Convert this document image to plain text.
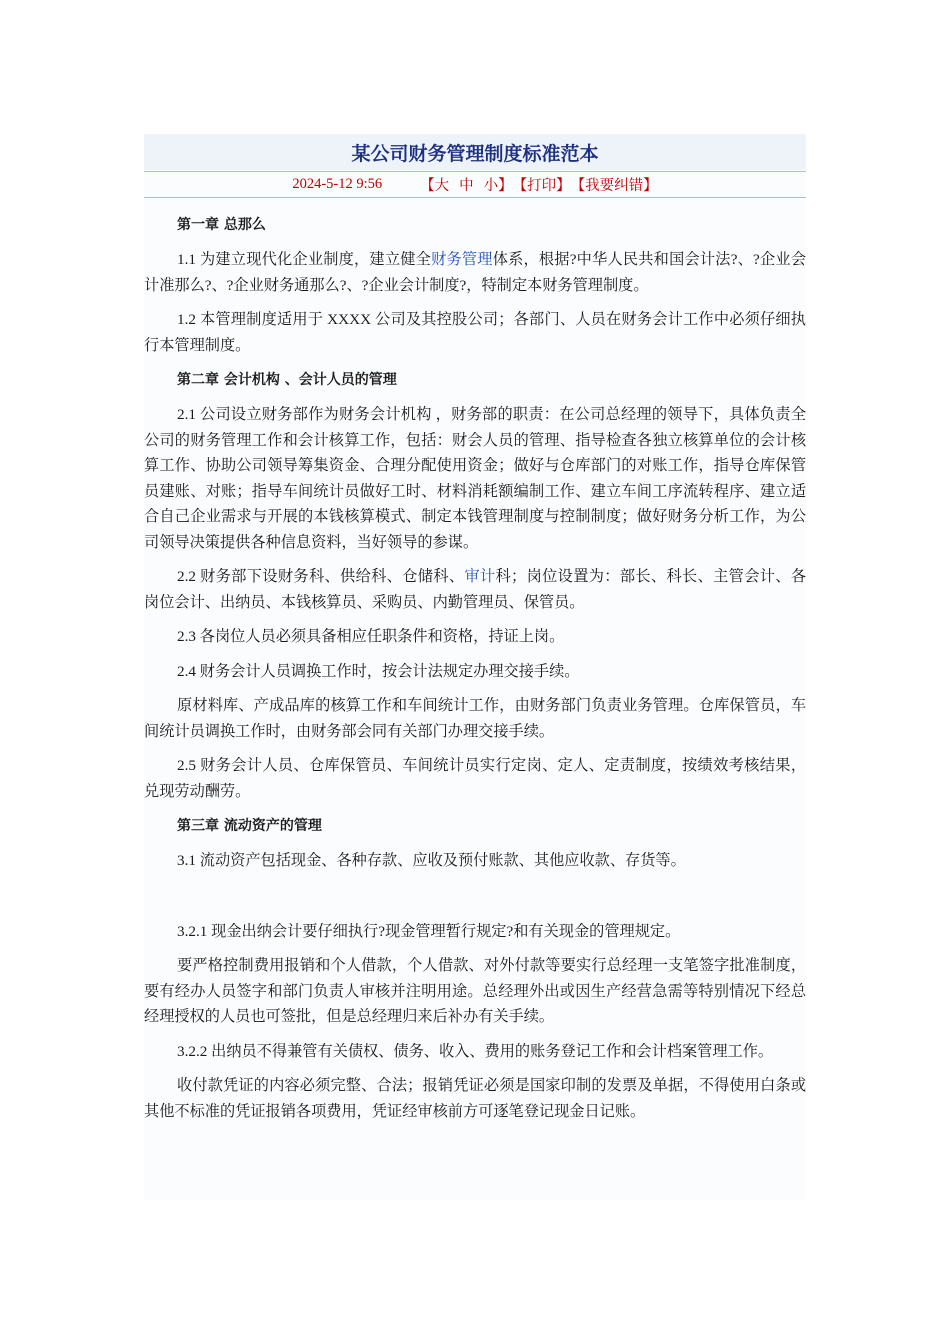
某公司财务管理制度标准范本
2024-5-12 9:56	【大 中 小】 【打印】 【我要纠错】
第一章 总那么

1.1 为建立现代化企业制度，建立健全财务管理体系，根据?中华人民共和国会计法?、?企业会计准那么?、?企业财务通那么?、?企业会计制度?，特制定本财务管理制度。

1.2 本管理制度适用于 XXXX 公司及其控股公司；各部门、人员在财务会计工作中必须仔细执行本管理制度。

第二章 会计机构 、会计人员的管理

2.1 公司设立财务部作为财务会计机构 ，财务部的职责：在公司总经理的领导下，具体负责全公司的财务管理工作和会计核算工作，包括：财会人员的管理、指导检查各独立核算单位的会计核算工作、协助公司领导筹集资金、合理分配使用资金；做好与仓库部门的对账工作，指导仓库保管员建账、对账；指导车间统计员做好工时、材料消耗额编制工作、建立车间工序流转程序、建立适合自己企业需求与开展的本钱核算模式、制定本钱管理制度与控制制度；做好财务分析工作，为公司领导决策提供各种信息资料，当好领导的参谋。

2.2 财务部下设财务科、供给科、仓储科、审计科；岗位设置为：部长、科长、主管会计、各岗位会计、出纳员、本钱核算员、采购员、内勤管理员、保管员。

2.3 各岗位人员必须具备相应任职条件和资格，持证上岗。

2.4 财务会计人员调换工作时，按会计法规定办理交接手续。

原材料库、产成品库的核算工作和车间统计工作，由财务部门负责业务管理。仓库保管员，车间统计员调换工作时，由财务部会同有关部门办理交接手续。

2.5 财务会计人员、仓库保管员、车间统计员实行定岗、定人、定责制度，按绩效考核结果，兑现劳动酬劳。

第三章 流动资产的管理

3.1 流动资产包括现金、各种存款、应收及预付账款、其他应收款、存货等。

3.2.1 现金出纳会计要仔细执行?现金管理暂行规定?和有关现金的管理规定。

要严格控制费用报销和个人借款，个人借款、对外付款等要实行总经理一支笔签字批准制度，要有经办人员签字和部门负责人审核并注明用途。总经理外出或因生产经营急需等特别情况下经总经理授权的人员也可签批，但是总经理归来后补办有关手续。

3.2.2 出纳员不得兼管有关债权、债务、收入、费用的账务登记工作和会计档案管理工作。

收付款凭证的内容必须完整、合法；报销凭证必须是国家印制的发票及单据，不得使用白条或其他不标准的凭证报销各项费用，凭证经审核前方可逐笔登记现金日记账。
